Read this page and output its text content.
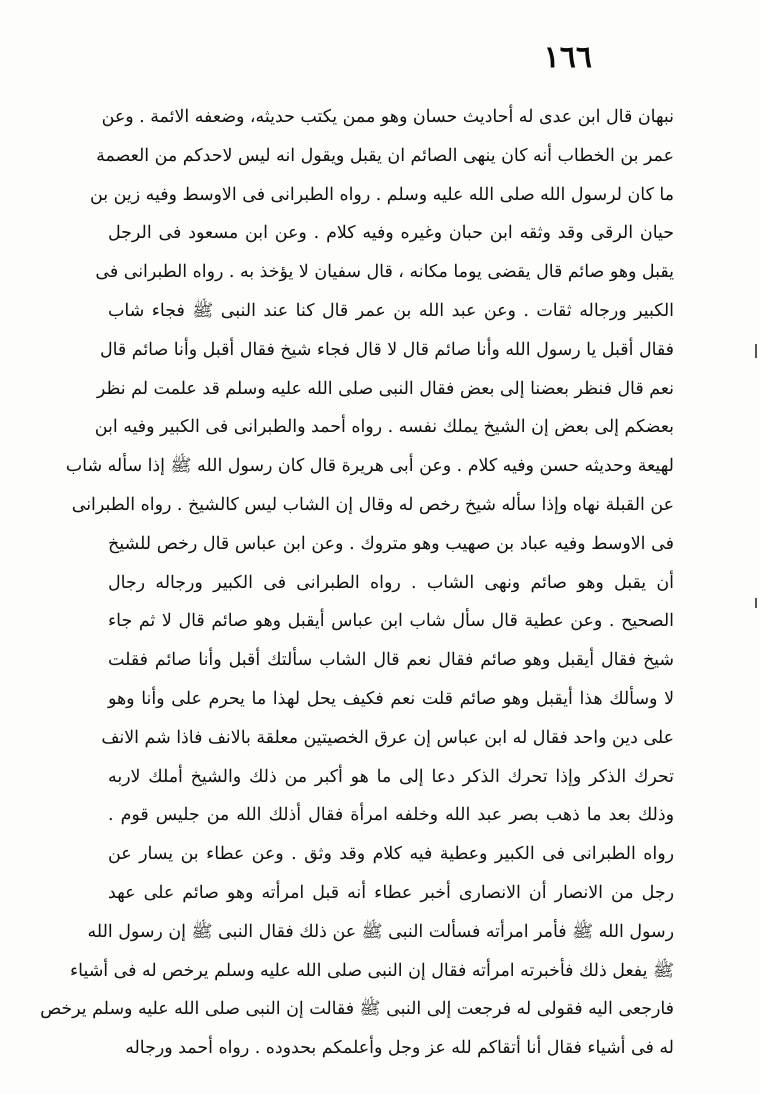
١٦٦
نبهان قال ابن عدى له أحاديث حسان وهو ممن يكتب حديثه، وضعفه الائمة . وعن
عمر بن الخطاب أنه كان ينهى الصائم ان يقبل ويقول انه ليس لاحدكم من العصمة
ما كان لرسول الله صلى الله عليه وسلم . رواه الطبرانى فى الاوسط وفيه زين بن
حيان الرقى وقد وثقه ابن حبان وغيره وفيه كلام . وعن ابن مسعود فى الرجل
يقبل وهو صائم قال يقضى يوما مكانه ، قال سفيان لا يؤخذ به . رواه الطبرانى فى
الكبير ورجاله ثقات . وعن عبد الله بن عمر قال كنا عند النبى ﷺ فجاء شاب
فقال أقبل يا رسول الله وأنا صائم قال لا قال فجاء شيخ فقال أقبل وأنا صائم قال
نعم قال فنظر بعضنا إلى بعض فقال النبى صلى الله عليه وسلم قد علمت لم نظر
بعضكم إلى بعض إن الشيخ يملك نفسه . رواه أحمد والطبرانى فى الكبير وفيه ابن
لهيعة وحديثه حسن وفيه كلام . وعن أبى هريرة قال كان رسول الله ﷺ إذا سأله شاب
عن القبلة نهاه وإذا سأله شيخ رخص له وقال إن الشاب ليس كالشيخ . رواه الطبرانى
فى الاوسط وفيه عباد بن صهيب وهو متروك . وعن ابن عباس قال رخص للشيخ
أن يقبل وهو صائم ونهى الشاب . رواه الطبرانى فى الكبير ورجاله رجال
الصحيح . وعن عطية قال سأل شاب ابن عباس أيقبل وهو صائم قال لا ثم جاء
شيخ فقال أيقبل وهو صائم فقال نعم قال الشاب سألتك أقبل وأنا صائم فقلت
لا وسألك هذا أيقبل وهو صائم قلت نعم فكيف يحل لهذا ما يحرم على وأنا وهو
على دين واحد فقال له ابن عباس إن عرق الخصيتين معلقة بالانف فاذا شم الانف
تحرك الذكر وإذا تحرك الذكر دعا إلى ما هو أكبر من ذلك والشيخ أملك لاربه
وذلك بعد ما ذهب بصر عبد الله وخلفه امرأة فقال أذلك الله من جليس قوم .
رواه الطبرانى فى الكبير وعطية فيه كلام وقد وثق . وعن عطاء بن يسار عن
رجل من الانصار أن الانصارى أخبر عطاء أنه قبل امرأته وهو صائم على عهد
رسول الله ﷺ فأمر امرأته فسألت النبى ﷺ عن ذلك فقال النبى ﷺ إن رسول الله
ﷺ يفعل ذلك فأخبرته امرأته فقال إن النبى صلى الله عليه وسلم يرخص له فى أشياء
فارجعى اليه فقولى له فرجعت إلى النبى ﷺ فقالت إن النبى صلى الله عليه وسلم يرخص
له فى أشياء فقال أنا أتقاكم لله عز وجل وأعلمكم بحدوده . رواه أحمد ورجاله
